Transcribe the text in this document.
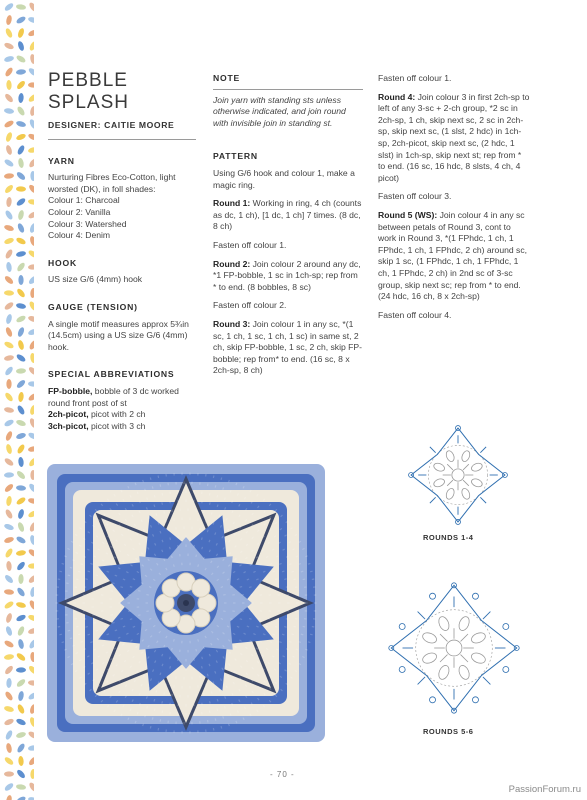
PEBBLE SPLASH
DESIGNER: CAITIE MOORE
YARN

Nurturing Fibres Eco-Cotton, light worsted (DK), in foll shades:
Colour 1: Charcoal
Colour 2: Vanilla
Colour 3: Watershed
Colour 4: Denim

HOOK

US size G/6 (4mm) hook

GAUGE (TENSION)

A single motif measures approx 5¾in (14.5cm) using a US size G/6 (4mm) hook.

SPECIAL ABBREVIATIONS

FP-bobble, bobble of 3 dc worked round front post of st
2ch-picot, picot with 2 ch
3ch-picot, picot with 3 ch

NOTE

Join yarn with standing sts unless otherwise indicated, and join round with invisible join in standing st.

PATTERN

Using G/6 hook and colour 1, make a magic ring.

Round 1: Working in ring, 4 ch (counts as dc, 1 ch), [1 dc, 1 ch] 7 times. (8 dc, 8 ch)

Fasten off colour 1.

Round 2: Join colour 2 around any dc, *1 FP-bobble, 1 sc in 1ch-sp; rep from * to end. (8 bobbles, 8 sc)

Fasten off colour 2.

Round 3: Join colour 1 in any sc, *(1 sc, 1 ch, 1 sc, 1 ch, 1 sc) in same st, 2 ch, skip FP-bobble, 1 sc, 2 ch, skip FP-bobble; rep from* to end. (16 sc, 8 x 2ch-sp, 8 ch)

Fasten off colour 1.

Round 4: Join colour 3 in first 2ch-sp to left of any 3-sc + 2-ch group, *2 sc in 2ch-sp, 1 ch, skip next sc, 2 sc in 2ch-sp, skip next sc, (1 slst, 2 hdc) in 1ch-sp, 2ch-picot, skip next sc, (2 hdc, 1 slst) in 1ch-sp, skip next st; rep from * to end. (16 sc, 16 hdc, 8 slsts, 4 ch, 4 picot)

Fasten off colour 3.

Round 5 (WS): Join colour 4 in any sc between petals of Round 3, cont to work in Round 3, *(1 FPhdc, 1 ch, 1 FPhdc, 1 ch, 1 FPhdc, 2 ch) around sc, skip 1 sc, (1 FPhdc, 1 ch, 1 FPhdc, 1 ch, 1 FPhdc, 2 ch) in 2nd sc of 3-sc group, skip next sc; rep from * to end. (24 hdc, 16 ch, 8 x 2ch-sp)

Fasten off colour 4.

ROUNDS 1-4
ROUNDS 5-6
- 70 -
PassionForum.ru
